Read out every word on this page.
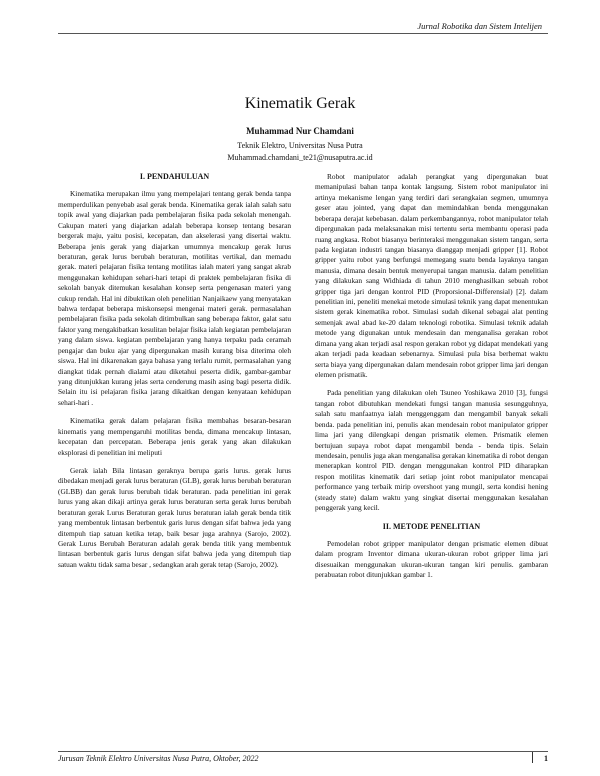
Jurnal Robotika dan Sistem Intelijen
Kinematik Gerak
Muhammad Nur Chamdani
Teknik Elektro, Universitas Nusa Putra
Muhammad.chamdani_te21@nusaputra.ac.id
I. PENDAHULUAN

Kinematika merupakan ilmu yang mempelajari tentang gerak benda tanpa memperdulikan penyebab asal gerak benda. Kinematika gerak ialah salah satu topik awal yang diajarkan pada pembelajaran fisika pada sekolah menengah. Cakupan materi yang diajarkan adalah beberapa konsep tentang besaran bergerak maju, yaitu posisi, kecepatan, dan akselerasi yang disertai waktu. Beberapa jenis gerak yang diajarkan umumnya mencakup gerak lurus beraturan, gerak lurus berubah beraturan, motilitas vertikal, dan memadu gerak. materi pelajaran fisika tentang motilitas ialah materi yang sangat akrab menggunakan kehidupan sehari-hari tetapi di praktek pembelajaran fisika di sekolah banyak ditemukan kesalahan konsep serta pengenasan materi yang cukup rendah. Hal ini dibuktikan oleh penelitian Nanjaikaew yang menyatakan bahwa terdapat beberapa miskonsepsi mengenai materi gerak. permasalahan pembelajaran fisika pada sekolah ditimbulkan sang beberapa faktor, galat satu faktor yang mengakibatkan kesulitan belajar fisika ialah kegiatan pembelajaran yang dalam siswa. kegiatan pembelajaran yang hanya terpaku pada ceramah pengajar dan buku ajar yang dipergunakan masih kurang bisa diterima oleh siswa. Hal ini dikarenakan gaya bahasa yang terlalu rumit, permasalahan yang diangkat tidak pernah dialami atau diketahui peserta didik, gambar-gambar yang ditunjukkan kurang jelas serta cenderung masih asing bagi peserta didik. Selain itu isi pelajaran fisika jarang dikaitkan dengan kenyataan kehidupan sehari-hari .

Kinematika gerak dalam pelajaran fisika membahas besaran-besaran kinematis yang mempengaruhi motilitas benda, dimana mencakup lintasan, kecepatan dan percepatan. Beberapa jenis gerak yang akan dilakukan eksplorasi di penelitian ini meliputi

Gerak ialah Bila lintasan geraknya berupa garis lurus. gerak lurus dibedakan menjadi gerak lurus beraturan (GLB), gerak lurus berubah beraturan (GLBB) dan gerak lurus berubah tidak beraturan. pada penelitian ini gerak lurus yang akan dikaji artinya gerak lurus beraturan serta gerak lurus berubah beraturan gerak Lurus Beraturan gerak lurus beraturan ialah gerak benda titik yang membentuk lintasan berbentuk garis lurus dengan sifat bahwa jeda yang ditempuh tiap satuan ketika tetap, baik besar juga arahnya (Sarojo, 2002). Gerak Lurus Berubah Beraturan adalah gerak benda titik yang membentuk lintasan berbentuk garis lurus dengan sifat bahwa jeda yang ditempuh tiap satuan waktu tidak sama besar , sedangkan arah gerak tetap (Sarojo, 2002).

Robot manipulator adalah perangkat yang dipergunakan buat memanipulasi bahan tanpa kontak langsung. Sistem robot manipulator ini artinya mekanisme lengan yang terdiri dari serangkaian segmen, umumnya geser atau jointed, yang dapat dan memindahkan benda menggunakan beberapa derajat kebebasan. dalam perkembangannya, robot manipulator telah dipergunakan pada melaksanakan misi tertentu serta membantu operasi pada ruang angkasa. Robot biasanya berinteraksi menggunakan sistem tangan, serta pada kegiatan industri tangan biasanya dianggap menjadi gripper [1]. Robot gripper yaitu robot yang berfungsi memegang suatu benda layaknya tangan manusia, dimana desain bentuk menyerupai tangan manusia. dalam penelitian yang dilakukan sang Widhiada di tahun 2010 menghasilkan sebuah robot gripper tiga jari dengan kontrol PID (Proporsional-Differensial) [2]. dalam penelitian ini, peneliti menekai metode simulasi teknik yang dapat menentukan sistem gerak kinematika robot. Simulasi sudah dikenal sebagai alat penting semenjak awal abad ke-20 dalam teknologi robotika. Simulasi teknik adalah metode yang digunakan untuk mendesain dan menganalisa gerakan robot dimana yang akan terjadi asal respon gerakan robot yg didapat mendekati yang akan terjadi pada keadaan sebenarnya. Simulasi pula bisa berhemat waktu serta biaya yang dipergunakan dalam mendesain robot gripper lima jari dengan elemen prismatik.

Pada penelitian yang dilakukan oleh Tsuneo Yoshikawa 2010 [3], fungsi tangan robot dibutuhkan mendekati fungsi tangan manusia sesungguhnya, salah satu manfaatnya ialah menggenggam dan mengambil banyak sekali benda. pada penelitian ini, penulis akan mendesain robot manipulator gripper lima jari yang dilengkapi dengan prismatik elemen. Prismatik elemen bertujuan supaya robot dapat mengambil benda - benda tipis. Selain mendesain, penulis juga akan menganalisa gerakan kinematika di robot dengan menerapkan kontrol PID. dengan menggunakan kontrol PID diharapkan respon motilitas kinematik dari setiap joint robot manipulator mencapai performance yang terbaik mirip overshoot yang mungil, serta kondisi hening (steady state) dalam waktu yang singkat disertai menggunakan kesalahan penggerak yang kecil.

II. METODE PENELITIAN

Pemodelan robot gripper manipulator dengan prismatic elemen dibuat dalam program Inventor dimana ukuran-ukuran robot gripper lima jari disesuaikan menggunakan ukuran-ukuran tangan kiri penulis. gambaran perabuatan robot ditunjukkan gambar 1.

Jurusan Teknik Elektro Universitas Nusa Putra, Oktober, 2022	1
